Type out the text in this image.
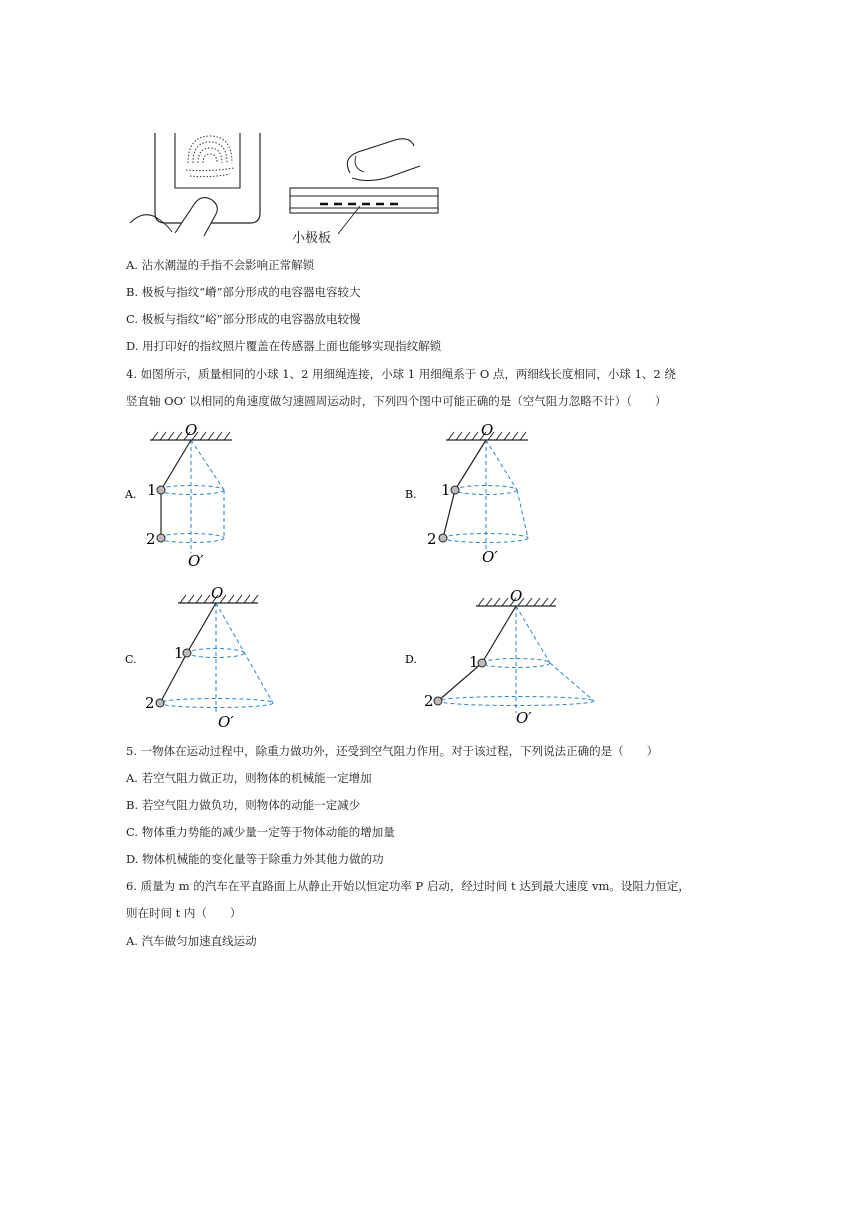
小极板
A. 沾水潮湿的手指不会影响正常解锁
B. 极板与指纹“嵴”部分形成的电容器电容较大
C. 极板与指纹“峪”部分形成的电容器放电较慢
D. 用打印好的指纹照片覆盖在传感器上面也能够实现指纹解锁
4. 如图所示，质量相同的小球 1、2 用细绳连接，小球 1 用细绳系于 O 点，两细线长度相同，小球 1、2 绕
竖直轴 OO′ 以相同的角速度做匀速圆周运动时，下列四个图中可能正确的是（空气阻力忽略不计）（　　）
A.
O
1
2
O′
B.
O
1
2
O′
C.
O
1
2
O′
D.
O
1
2
O′
5. 一物体在运动过程中，除重力做功外，还受到空气阻力作用。对于该过程，下列说法正确的是（　　）
A. 若空气阻力做正功，则物体的机械能一定增加
B. 若空气阻力做负功，则物体的动能一定减少
C. 物体重力势能的减少量一定等于物体动能的增加量
D. 物体机械能的变化量等于除重力外其他力做的功
6. 质量为 m 的汽车在平直路面上从静止开始以恒定功率 P 启动，经过时间 t 达到最大速度 vm。设阻力恒定，
则在时间 t 内（　　）
A. 汽车做匀加速直线运动
